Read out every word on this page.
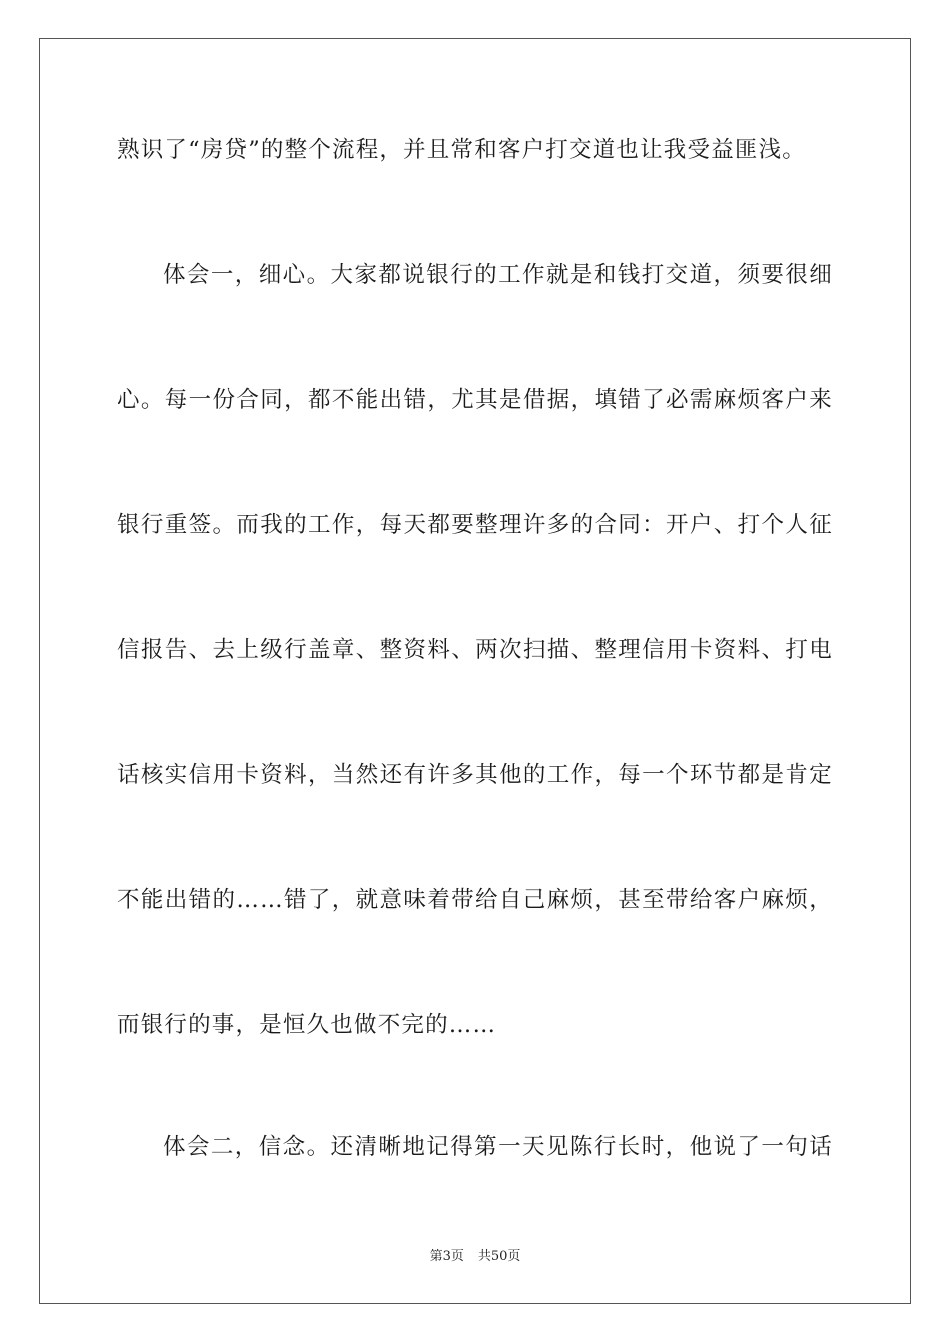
熟识了“房贷”的整个流程，并且常和客户打交道也让我受益匪浅。
体会一，细心。大家都说银行的工作就是和钱打交道，须要很细
心。每一份合同，都不能出错，尤其是借据，填错了必需麻烦客户来
银行重签。而我的工作，每天都要整理许多的合同：开户、打个人征
信报告、去上级行盖章、整资料、两次扫描、整理信用卡资料、打电
话核实信用卡资料，当然还有许多其他的工作，每一个环节都是肯定
不能出错的……错了，就意味着带给自己麻烦，甚至带给客户麻烦，
而银行的事，是恒久也做不完的……
体会二，信念。还清晰地记得第一天见陈行长时，他说了一句话
第3页 共50页
